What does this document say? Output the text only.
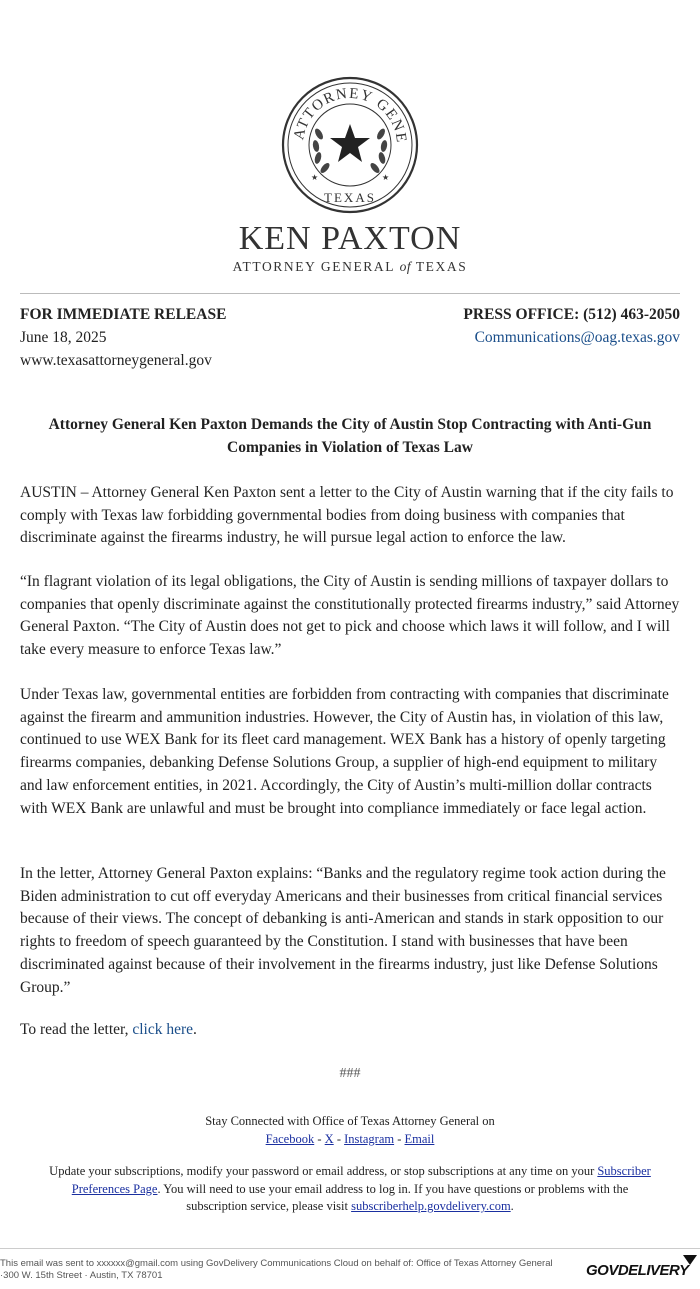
ATTORNEY GENE
★	★
TEXAS
KEN PAXTON
ATTORNEY GENERAL of TEXAS
FOR IMMEDIATE RELEASE
June 18, 2025
www.texasattorneygeneral.gov
PRESS OFFICE: (512) 463-2050
Communications@oag.texas.gov
Attorney General Ken Paxton Demands the City of Austin Stop Contracting with Anti-Gun Companies in Violation of Texas Law

AUSTIN – Attorney General Ken Paxton sent a letter to the City of Austin warning that if the city fails to comply with Texas law forbidding governmental bodies from doing business with companies that discriminate against the firearms industry, he will pursue legal action to enforce the law.

“In flagrant violation of its legal obligations, the City of Austin is sending millions of taxpayer dollars to companies that openly discriminate against the constitutionally protected firearms industry,” said Attorney General Paxton. “The City of Austin does not get to pick and choose which laws it will follow, and I will take every measure to enforce Texas law.”

Under Texas law, governmental entities are forbidden from contracting with companies that discriminate against the firearm and ammunition industries. However, the City of Austin has, in violation of this law, continued to use WEX Bank for its fleet card management. WEX Bank has a history of openly targeting firearms companies, debanking Defense Solutions Group, a supplier of high-end equipment to military and law enforcement entities, in 2021. Accordingly, the City of Austin’s multi-million dollar contracts with WEX Bank are unlawful and must be brought into compliance immediately or face legal action.

In the letter, Attorney General Paxton explains: “Banks and the regulatory regime took action during the Biden administration to cut off everyday Americans and their businesses from critical financial services because of their views. The concept of debanking is anti-American and stands in stark opposition to our rights to freedom of speech guaranteed by the Constitution. I stand with businesses that have been discriminated against because of their involvement in the firearms industry, just like Defense Solutions Group.”

To read the letter, click here.

###
Stay Connected with Office of Texas Attorney General on
Facebook - X - Instagram - Email
Update your subscriptions, modify your password or email address, or stop subscriptions at any time on your Subscriber Preferences Page. You will need to use your email address to log in. If you have questions or problems with the subscription service, please visit subscriberhelp.govdelivery.com.
This email was sent to xxxxxx@gmail.com using GovDelivery Communications Cloud on behalf of: Office of Texas Attorney General
·300 W. 15th Street · Austin, TX 78701	GOVDELIVERY
